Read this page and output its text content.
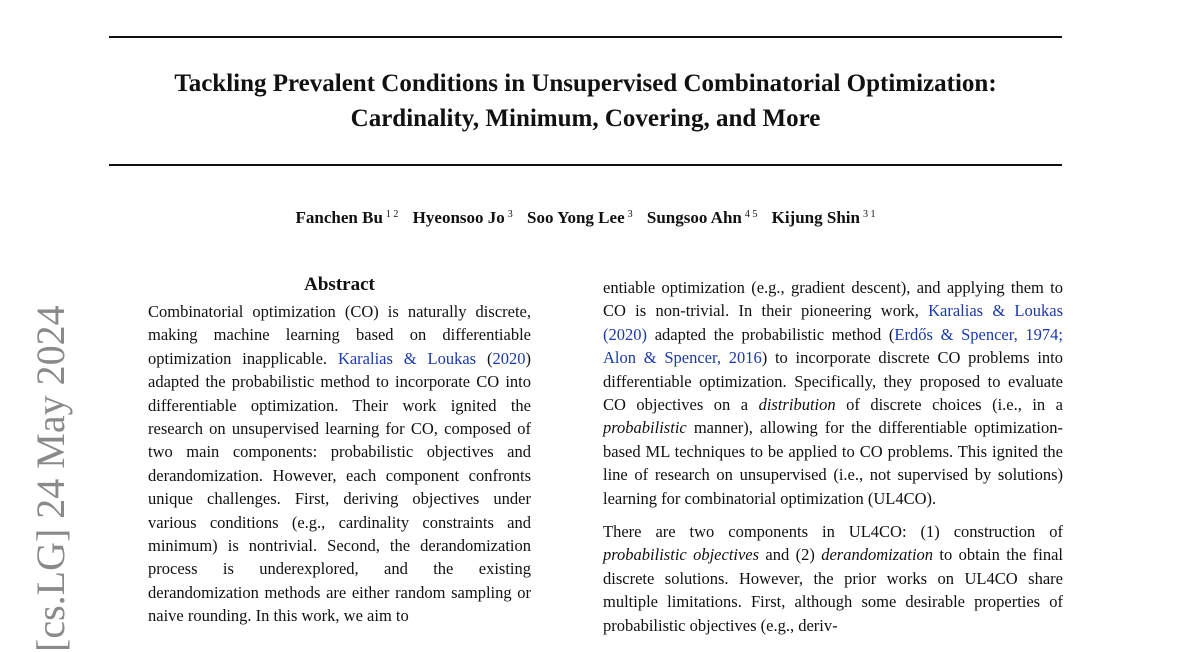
Tackling Prevalent Conditions in Unsupervised Combinatorial Optimization:
Cardinality, Minimum, Covering, and More
Fanchen Bu $^{1 2}$ Hyeonsoo Jo $^3$ Soo Yong Lee $^3$ Sungsoo Ahn $^{4 5}$ Kijung Shin $^{3 1}$
[cs.LG] 24 May 2024
Abstract

Combinatorial optimization (CO) is naturally discrete, making machine learning based on differentiable optimization inapplicable. Karalias & Loukas (2020) adapted the probabilistic method to incorporate CO into differentiable optimization. Their work ignited the research on unsupervised learning for CO, composed of two main components: probabilistic objectives and derandomization. However, each component confronts unique challenges. First, deriving objectives under various conditions (e.g., cardinality constraints and minimum) is nontrivial. Second, the derandomization process is underexplored, and the existing derandomization methods are either random sampling or naive rounding. In this work, we aim to

entiable optimization (e.g., gradient descent), and applying them to CO is non-trivial. In their pioneering work, Karalias & Loukas (2020) adapted the probabilistic method (Erdős & Spencer, 1974; Alon & Spencer, 2016) to incorporate discrete CO problems into differentiable optimization. Specifically, they proposed to evaluate CO objectives on a distribution of discrete choices (i.e., in a probabilistic manner), allowing for the differentiable optimization-based ML techniques to be applied to CO problems. This ignited the line of research on unsupervised (i.e., not supervised by solutions) learning for combinatorial optimization (UL4CO).

There are two components in UL4CO: (1) construction of probabilistic objectives and (2) derandomization to obtain the final discrete solutions. However, the prior works on UL4CO share multiple limitations. First, although some desirable properties of probabilistic objectives (e.g., deriv-
